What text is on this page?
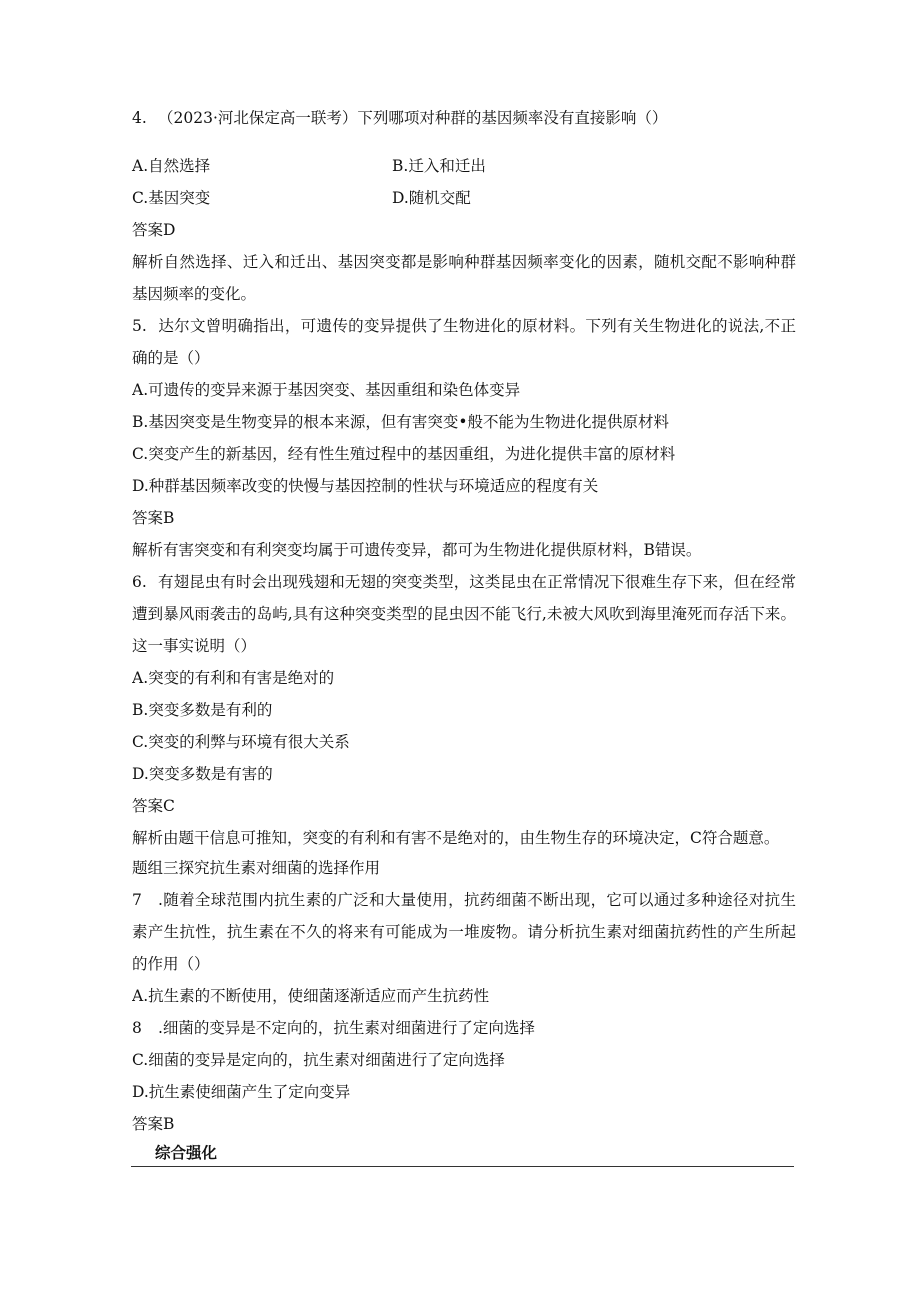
4. （2023·河北保定高一联考）下列哪项对种群的基因频率没有直接影响（）
A.自然选择	B.迁入和迁出
C.基因突变	D.随机交配
答案D
解析自然选择、迁入和迁出、基因突变都是影响种群基因频率变化的因素，随机交配不影响种群基因频率的变化。
5. 达尔文曾明确指出，可遗传的变异提供了生物进化的原材料。下列有关生物进化的说法,不正确的是（）
A.可遗传的变异来源于基因突变、基因重组和染色体变异
B.基因突变是生物变异的根本来源，但有害突变•般不能为生物进化提供原材料
C.突变产生的新基因，经有性生殖过程中的基因重组，为进化提供丰富的原材料
D.种群基因频率改变的快慢与基因控制的性状与环境适应的程度有关
答案B
解析有害突变和有利突变均属于可遗传变异，都可为生物进化提供原材料，B错误。
6. 有翅昆虫有时会出现残翅和无翅的突变类型，这类昆虫在正常情况下很难生存下来，但在经常遭到暴风雨袭击的岛屿,具有这种突变类型的昆虫因不能飞行,未被大风吹到海里淹死而存活下来。这一事实说明（）
A.突变的有利和有害是绝对的
B.突变多数是有利的
C.突变的利弊与环境有很大关系
D.突变多数是有害的
答案C
解析由题干信息可推知，突变的有利和有害不是绝对的，由生物生存的环境决定，C符合题意。
题组三探究抗生素对细菌的选择作用
7 .随着全球范围内抗生素的广泛和大量使用，抗药细菌不断出现，它可以通过多种途径对抗生素产生抗性，抗生素在不久的将来有可能成为一堆废物。请分析抗生素对细菌抗药性的产生所起的作用（）
A.抗生素的不断使用，使细菌逐渐适应而产生抗药性
8 .细菌的变异是不定向的，抗生素对细菌进行了定向选择
C.细菌的变异是定向的，抗生素对细菌进行了定向选择
D.抗生素使细菌产生了定向变异
答案B
综合强化
